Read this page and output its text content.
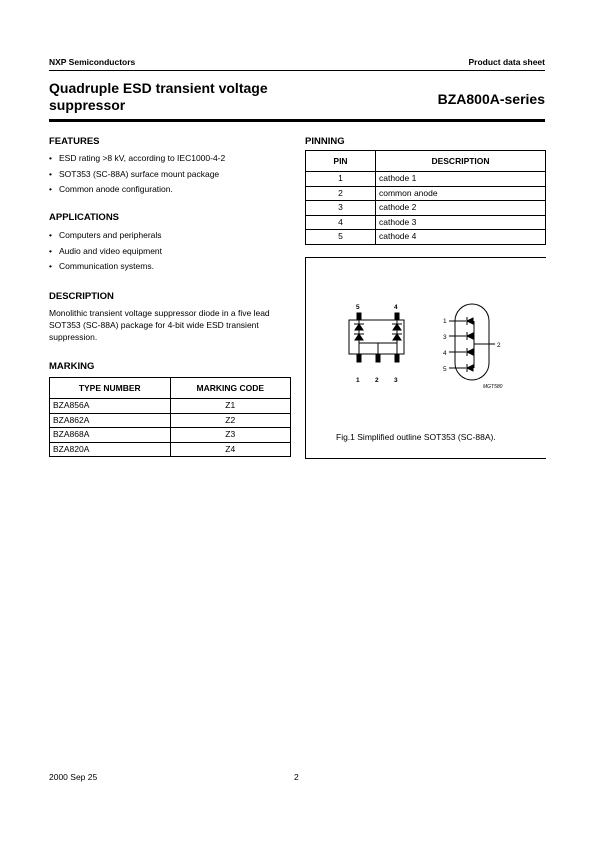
NXP Semiconductors	Product data sheet
Quadruple ESD transient voltage
suppressor	BZA800A-series
FEATURES
• ESD rating >8 kV, according to IEC1000-4-2
• SOT353 (SC-88A) surface mount package
• Common anode configuration.
APPLICATIONS
• Computers and peripherals
• Audio and video equipment
• Communication systems.
DESCRIPTION
Monolithic transient voltage suppressor diode in a five lead SOT353 (SC-88A) package for 4-bit wide ESD transient suppression.
MARKING
TYPE NUMBER	MARKING CODE
BZA856A	Z1
BZA862A	Z2
BZA868A	Z3
BZA820A	Z4
PINNING
PIN	DESCRIPTION
1	cathode 1
2	common anode
3	cathode 2
4	cathode 3
5	cathode 4
5	4
1 2 3
1
3
4
5
2
MGT580
Fig.1 Simplified outline SOT353 (SC-88A).
2000 Sep 25	2
